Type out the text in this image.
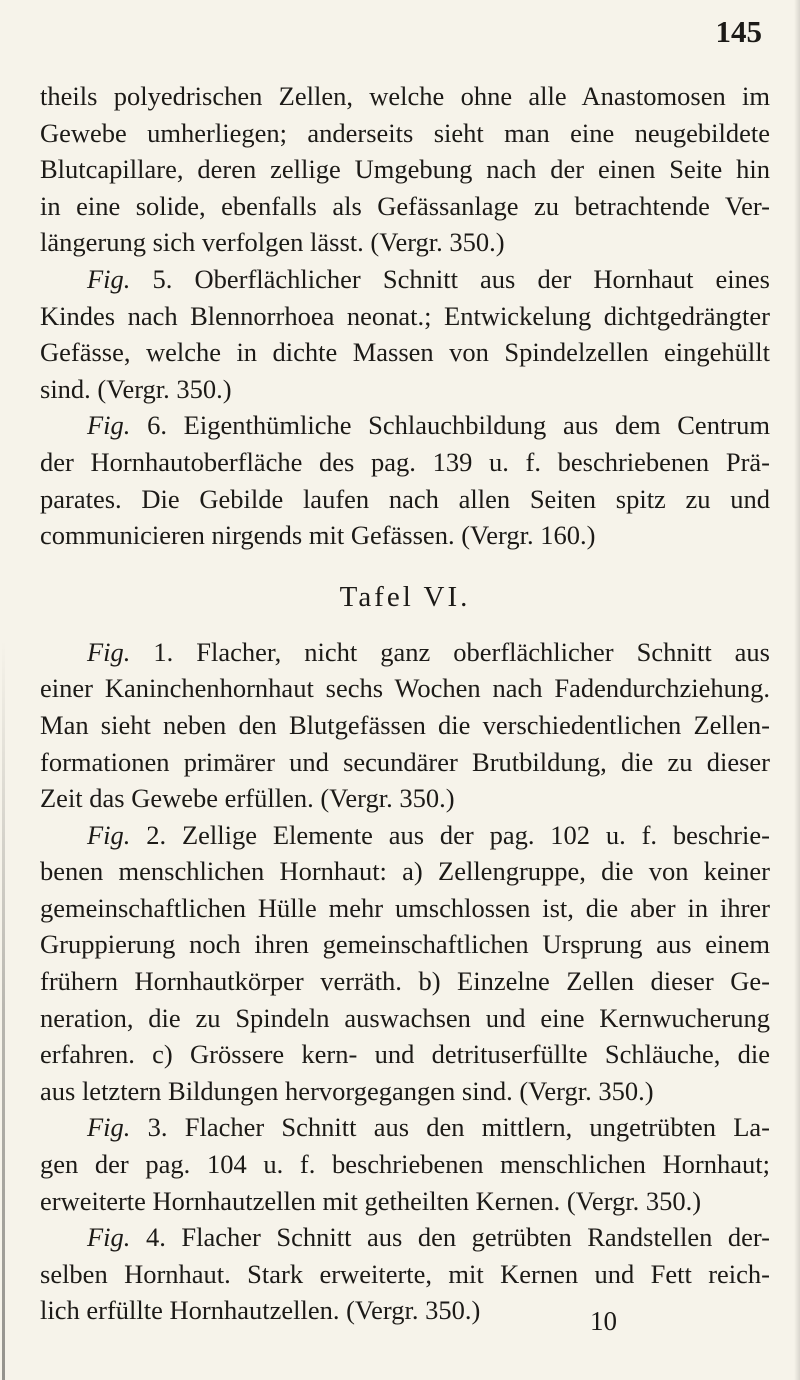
145
theils polyedrischen Zellen, welche ohne alle Anastomosen im
Gewebe umherliegen; anderseits sieht man eine neugebildete
Blutcapillare, deren zellige Umgebung nach der einen Seite hin
in eine solide, ebenfalls als Gefässanlage zu betrachtende Ver-
längerung sich verfolgen lässt. (Vergr. 350.)
Fig. 5. Oberflächlicher Schnitt aus der Hornhaut eines
Kindes nach Blennorrhoea neonat.; Entwickelung dichtgedrängter
Gefässe, welche in dichte Massen von Spindelzellen eingehüllt
sind. (Vergr. 350.)
Fig. 6. Eigenthümliche Schlauchbildung aus dem Centrum
der Hornhautoberfläche des pag. 139 u. f. beschriebenen Prä-
parates. Die Gebilde laufen nach allen Seiten spitz zu und
communicieren nirgends mit Gefässen. (Vergr. 160.)
Tafel VI.
Fig. 1. Flacher, nicht ganz oberflächlicher Schnitt aus
einer Kaninchenhornhaut sechs Wochen nach Fadendurchziehung.
Man sieht neben den Blutgefässen die verschiedentlichen Zellen-
formationen primärer und secundärer Brutbildung, die zu dieser
Zeit das Gewebe erfüllen. (Vergr. 350.)
Fig. 2. Zellige Elemente aus der pag. 102 u. f. beschrie-
benen menschlichen Hornhaut: a) Zellengruppe, die von keiner
gemeinschaftlichen Hülle mehr umschlossen ist, die aber in ihrer
Gruppierung noch ihren gemeinschaftlichen Ursprung aus einem
frühern Hornhautkörper verräth. b) Einzelne Zellen dieser Ge-
neration, die zu Spindeln auswachsen und eine Kernwucherung
erfahren. c) Grössere kern- und detrituserfüllte Schläuche, die
aus letztern Bildungen hervorgegangen sind. (Vergr. 350.)
Fig. 3. Flacher Schnitt aus den mittlern, ungetrübten La-
gen der pag. 104 u. f. beschriebenen menschlichen Hornhaut;
erweiterte Hornhautzellen mit getheilten Kernen. (Vergr. 350.)
Fig. 4. Flacher Schnitt aus den getrübten Randstellen der-
selben Hornhaut. Stark erweiterte, mit Kernen und Fett reich-
lich erfüllte Hornhautzellen. (Vergr. 350.)	10
